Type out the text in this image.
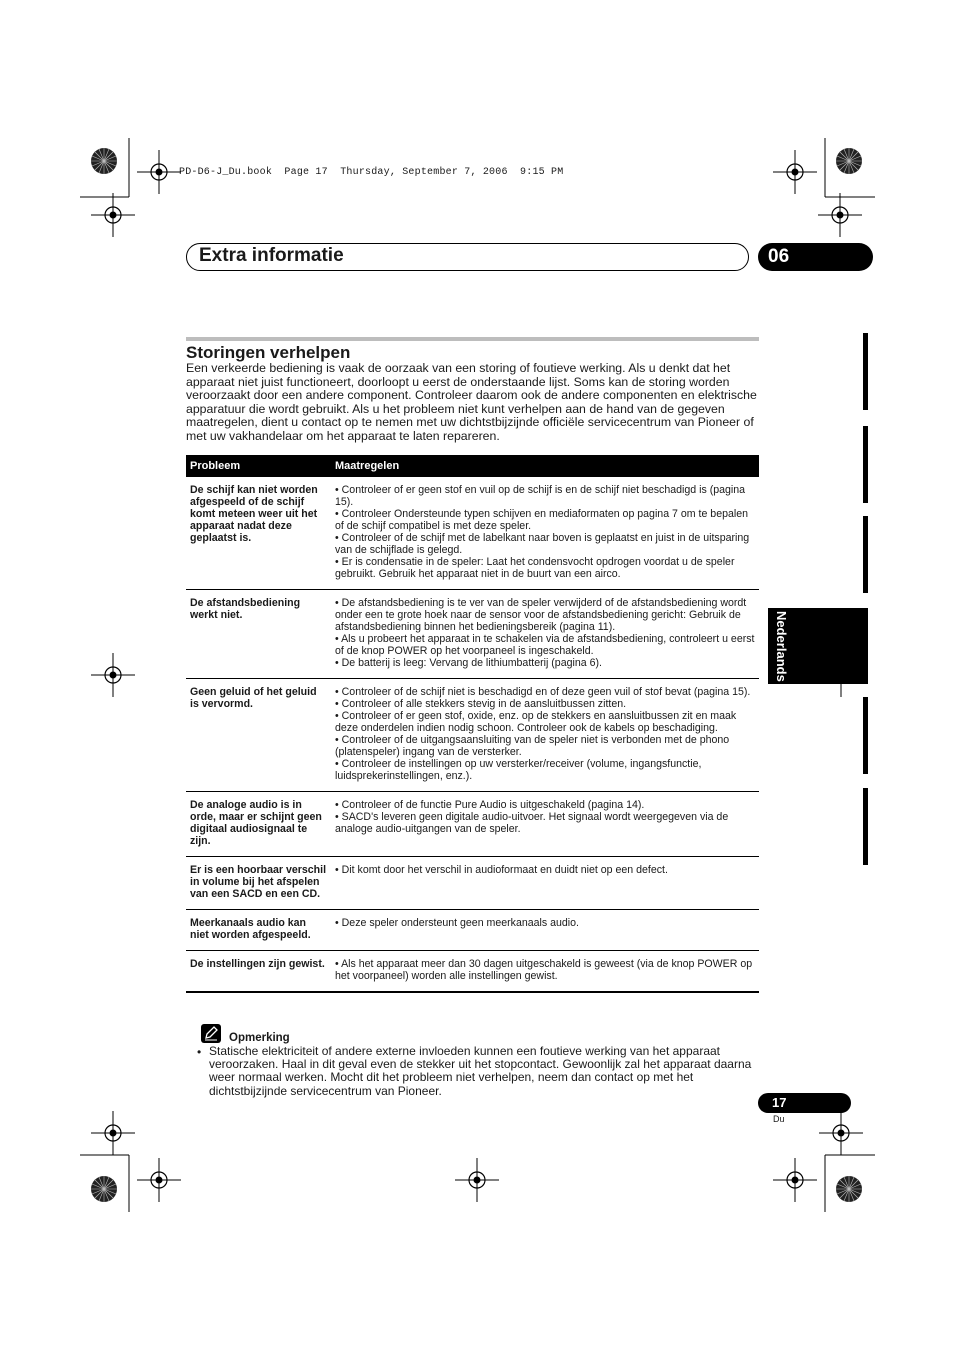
PD-D6-J_Du.book  Page 17  Thursday, September 7, 2006  9:15 PM
Extra informatie	06
Storingen verhelpen
Een verkeerde bediening is vaak de oorzaak van een storing of foutieve werking. Als u denkt dat het apparaat niet juist functioneert, doorloopt u eerst de onderstaande lijst. Soms kan de storing worden veroorzaakt door een andere component. Controleer daarom ook de andere componenten en elektrische apparatuur die wordt gebruikt. Als u het probleem niet kunt verhelpen aan de hand van de gegeven maatregelen, dient u contact op te nemen met uw dichtstbijzijnde officiële servicecentrum van Pioneer of met uw vakhandelaar om het apparaat te laten repareren.
Probleem	Maatregelen
De schijf kan niet worden afgespeeld of de schijf komt meteen weer uit het apparaat nadat deze geplaatst is.	• Controleer of er geen stof en vuil op de schijf is en de schijf niet beschadigd is (pagina 15).
• Controleer Ondersteunde typen schijven en mediaformaten op pagina 7 om te bepalen of de schijf compatibel is met deze speler.
• Controleer of de schijf met de labelkant naar boven is geplaatst en juist in de uitsparing van de schijflade is gelegd.
• Er is condensatie in de speler: Laat het condensvocht opdrogen voordat u de speler gebruikt. Gebruik het apparaat niet in de buurt van een airco.

De afstandsbediening werkt niet.	• De afstandsbediening is te ver van de speler verwijderd of de afstandsbediening wordt onder een te grote hoek naar de sensor voor de afstandsbediening gericht: Gebruik de afstandsbediening binnen het bedieningsbereik (pagina 11).
• Als u probeert het apparaat in te schakelen via de afstandsbediening, controleert u eerst of de knop POWER op het voorpaneel is ingeschakeld.
• De batterij is leeg: Vervang de lithiumbatterij (pagina 6).

Geen geluid of het geluid is vervormd.	• Controleer of de schijf niet is beschadigd en of deze geen vuil of stof bevat (pagina 15).
• Controleer of alle stekkers stevig in de aansluitbussen zitten.
• Controleer of er geen stof, oxide, enz. op de stekkers en aansluitbussen zit en maak deze onderdelen indien nodig schoon. Controleer ook de kabels op beschadiging.
• Controleer of de uitgangsaansluiting van de speler niet is verbonden met de phono (platenspeler) ingang van de versterker.
• Controleer de instellingen op uw versterker/receiver (volume, ingangsfunctie, luidsprekerinstellingen, enz.).

De analoge audio is in orde, maar er schijnt geen digitaal audiosignaal te zijn.	• Controleer of de functie Pure Audio is uitgeschakeld (pagina 14).
• SACD's leveren geen digitale audio-uitvoer. Het signaal wordt weergegeven via de analoge audio-uitgangen van de speler.

Er is een hoorbaar verschil in volume bij het afspelen van een SACD en een CD.	• Dit komt door het verschil in audioformaat en duidt niet op een defect.

Meerkanaals audio kan niet worden afgespeeld.	• Deze speler ondersteunt geen meerkanaals audio.

De instellingen zijn gewist.	• Als het apparaat meer dan 30 dagen uitgeschakeld is geweest (via de knop POWER op het voorpaneel) worden alle instellingen gewist.
Opmerking
• Statische elektriciteit of andere externe invloeden kunnen een foutieve werking van het apparaat veroorzaken. Haal in dit geval even de stekker uit het stopcontact. Gewoonlijk zal het apparaat daarna weer normaal werken. Mocht dit het probleem niet verhelpen, neem dan contact op met het dichtstbijzijnde servicecentrum van Pioneer.
Nederlands
17
Du
